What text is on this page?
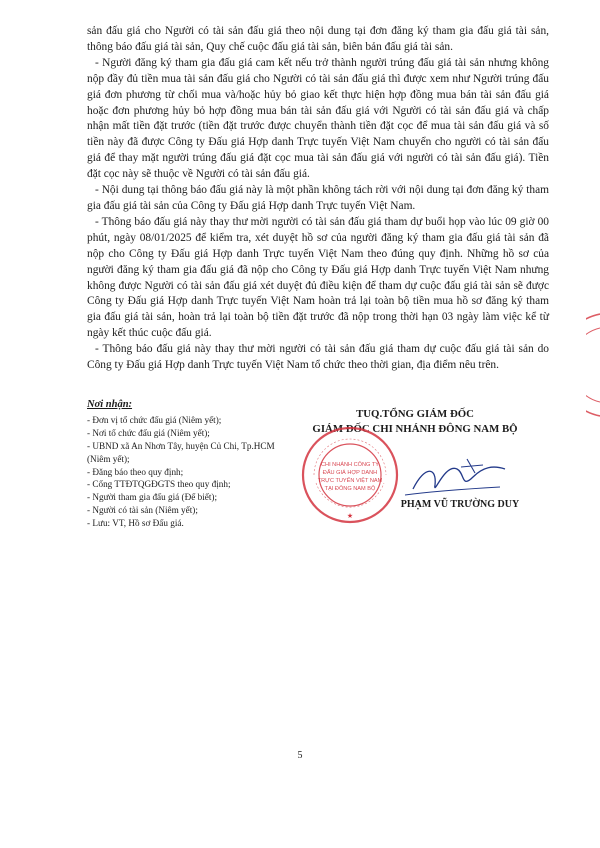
sản đấu giá cho Người có tài sản đấu giá theo nội dung tại đơn đăng ký tham gia đấu giá tài sản, thông báo đấu giá tài sản, Quy chế cuộc đấu giá tài sản, biên bản đấu giá tài sản.

- Người đăng ký tham gia đấu giá cam kết nếu trở thành người trúng đấu giá tài sản nhưng không nộp đầy đủ tiền mua tài sản đấu giá cho Người có tài sản đấu giá thì được xem như Người trúng đấu giá đơn phương từ chối mua và/hoặc hủy bỏ giao kết thực hiện hợp đồng mua bán tài sản đấu giá hoặc đơn phương hủy bỏ hợp đồng mua bán tài sản đấu giá với Người có tài sản đấu giá và chấp nhận mất tiền đặt trước (tiền đặt trước được chuyển thành tiền đặt cọc để mua tài sản đấu giá và số tiền này đã được Công ty Đấu giá Hợp danh Trực tuyến Việt Nam chuyển cho người có tài sản đấu giá để thay mặt người trúng đấu giá đặt cọc mua tài sản đấu giá với người có tài sản đấu giá). Tiền đặt cọc này sẽ thuộc về Người có tài sản đấu giá.

- Nội dung tại thông báo đấu giá này là một phần không tách rời với nội dung tại đơn đăng ký tham gia đấu giá tài sản của Công ty Đấu giá Hợp danh Trực tuyến Việt Nam.

- Thông báo đấu giá này thay thư mời người có tài sản đấu giá tham dự buổi họp vào lúc 09 giờ 00 phút, ngày 08/01/2025 để kiểm tra, xét duyệt hồ sơ của người đăng ký tham gia đấu giá tài sản đã nộp cho Công ty Đấu giá Hợp danh Trực tuyến Việt Nam theo đúng quy định. Những hồ sơ của người đăng ký tham gia đấu giá đã nộp cho Công ty Đấu giá Hợp danh Trực tuyến Việt Nam nhưng không được Người có tài sản đấu giá xét duyệt đủ điều kiện để tham dự cuộc đấu giá tài sản sẽ được Công ty Đấu giá Hợp danh Trực tuyến Việt Nam hoàn trả lại toàn bộ tiền mua hồ sơ đăng ký tham gia đấu giá tài sản, hoàn trả lại toàn bộ tiền đặt trước đã nộp trong thời hạn 03 ngày làm việc kể từ ngày kết thúc cuộc đấu giá.

- Thông báo đấu giá này thay thư mời người có tài sản đấu giá tham dự cuộc đấu giá tài sản do Công ty Đấu giá Hợp danh Trực tuyến Việt Nam tổ chức theo thời gian, địa điểm nêu trên.

Nơi nhận:
- Đơn vị tổ chức đấu giá (Niêm yết);
- Nơi tổ chức đấu giá (Niêm yết);
- UBND xã An Nhơn Tây, huyện Củ Chi, Tp.HCM (Niêm yết);
- Đăng báo theo quy định;
- Cổng TTĐTQGĐGTS theo quy định;
- Người tham gia đấu giá (Để biết);
- Người có tài sản (Niêm yết);
- Lưu: VT, Hồ sơ Đấu giá.
TUQ.TỔNG GIÁM ĐỐC
GIÁM ĐỐC CHI NHÁNH ĐÔNG NAM BỘ
CHI NHÁNH CÔNG TY
ĐẤU GIÁ HỢP DANH
TRỰC TUYẾN VIỆT NAM
TẠI ĐÔNG NAM BỘ
★
PHẠM VŨ TRƯỜNG DUY
5
